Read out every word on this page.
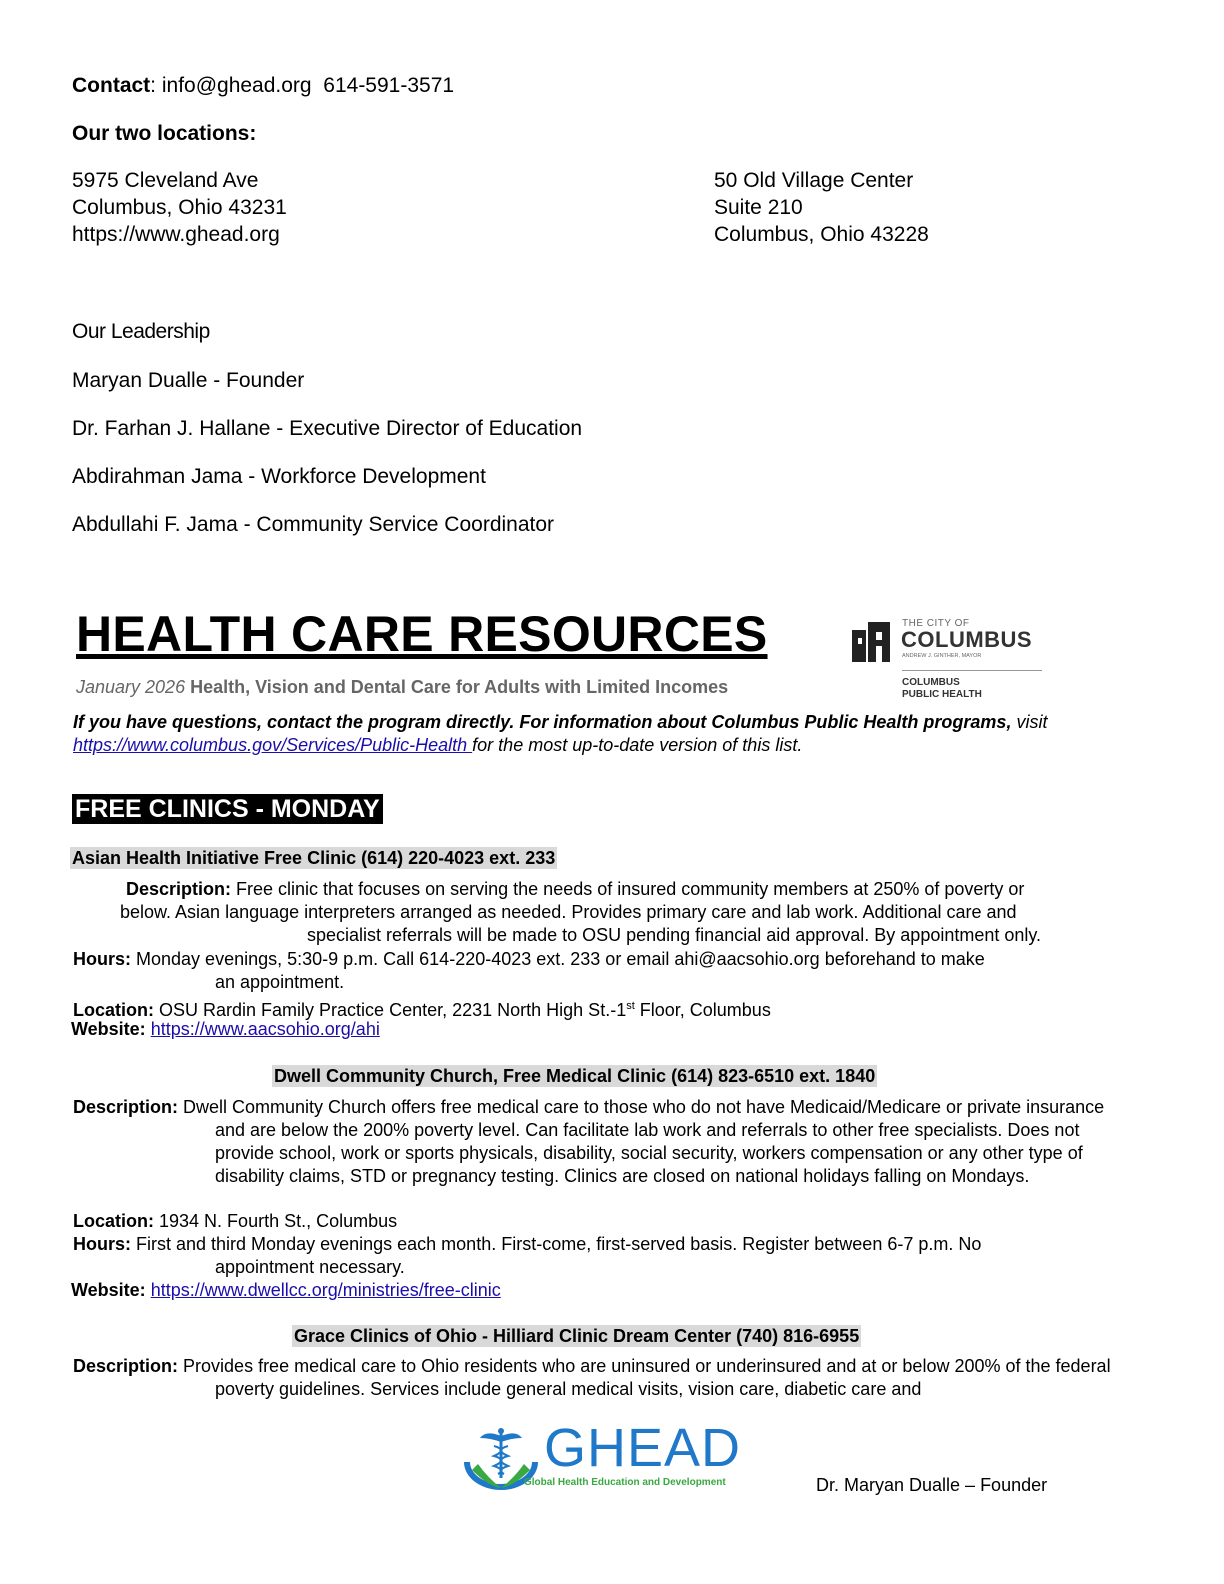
Contact: info@ghead.org 614-591-3571
Our two locations:
5975 Cleveland Ave
Columbus, Ohio 43231
https://www.ghead.org
50 Old Village Center
Suite 210
Columbus, Ohio 43228
Our Leadership
Maryan Dualle - Founder
Dr. Farhan J. Hallane - Executive Director of Education
Abdirahman Jama - Workforce Development
Abdullahi F. Jama - Community Service Coordinator
HEALTH CARE RESOURCES	THE CITY OF
COLUMBUS
ANDREW J. GINTHER, MAYOR
COLUMBUS
PUBLIC HEALTH
January 2026 Health, Vision and Dental Care for Adults with Limited Incomes
If you have questions, contact the program directly. For information about Columbus Public Health programs, visit https://www.columbus.gov/Services/Public-Health for the most up-to-date version of this list.
FREE CLINICS - MONDAY
Asian Health Initiative Free Clinic (614) 220-4023 ext. 233
Description: Free clinic that focuses on serving the needs of insured community members at 250% of poverty or
below. Asian language interpreters arranged as needed. Provides primary care and lab work. Additional care and
specialist referrals will be made to OSU pending financial aid approval. By appointment only.
Hours: Monday evenings, 5:30-9 p.m. Call 614-220-4023 ext. 233 or email ahi@aacsohio.org beforehand to make
an appointment.
Location: OSU Rardin Family Practice Center, 2231 North High St.-1st Floor, Columbus
Website: https://www.aacsohio.org/ahi
Dwell Community Church, Free Medical Clinic (614) 823-6510 ext. 1840
Description: Dwell Community Church offers free medical care to those who do not have Medicaid/Medicare or private insurance and are below the 200% poverty level. Can facilitate lab work and referrals to other free specialists. Does not provide school, work or sports physicals, disability, social security, workers compensation or any other type of disability claims, STD or pregnancy testing. Clinics are closed on national holidays falling on Mondays.
Location: 1934 N. Fourth St., Columbus
Hours: First and third Monday evenings each month. First-come, first-served basis. Register between 6-7 p.m. No
appointment necessary.
Website: https://www.dwellcc.org/ministries/free-clinic
Grace Clinics of Ohio - Hilliard Clinic Dream Center (740) 816-6955
Description: Provides free medical care to Ohio residents who are uninsured or underinsured and at or below 200% of the federal poverty guidelines. Services include general medical visits, vision care, diabetic care and
GHEAD
Global Health Education and Development	Dr. Maryan Dualle – Founder
